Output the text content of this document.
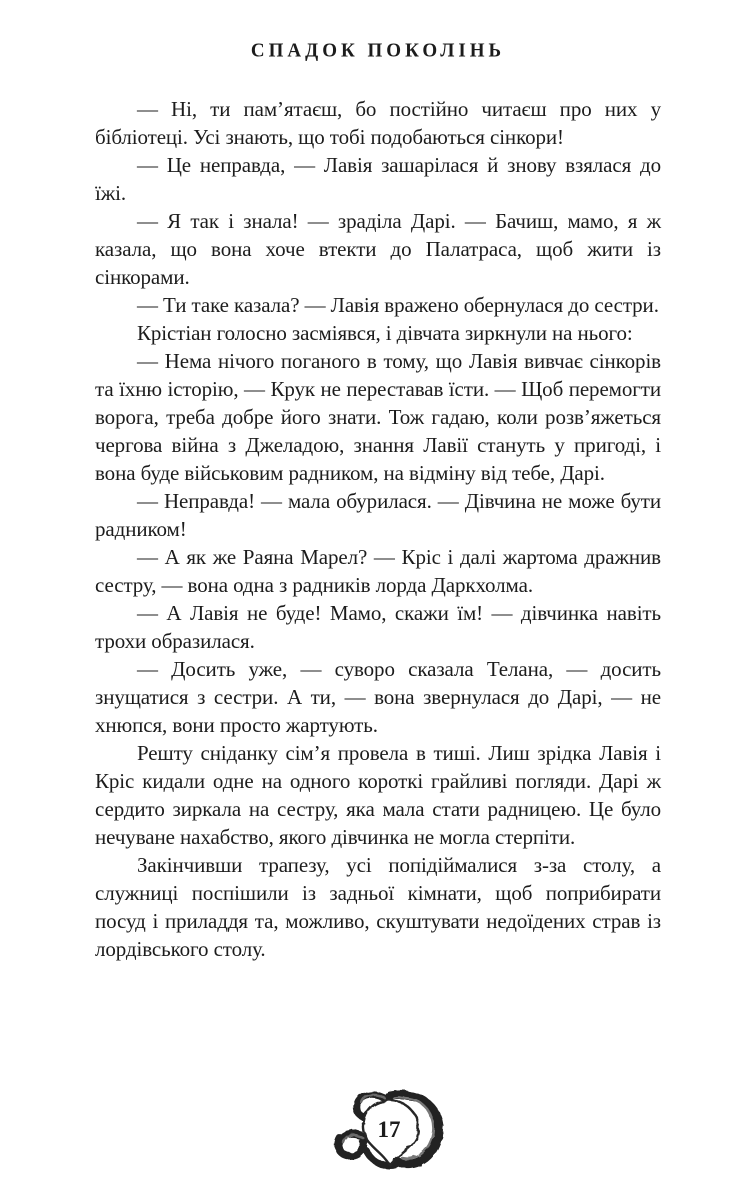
СПАДОК ПОКОЛІНЬ

— Ні, ти пам’ятаєш, бо постійно читаєш про них у бібліотеці. Усі знають, що тобі подобаються сінкори!

— Це неправда, — Лавія зашарілася й знову взялася до їжі.

— Я так і знала! — зраділа Дарі. — Бачиш, мамо, я ж казала, що вона хоче втекти до Палатраса, щоб жити із сінкорами.

— Ти таке казала? — Лавія вражено обернулася до сестри.

Крістіан голосно засміявся, і дівчата зиркнули на нього:

— Нема нічого поганого в тому, що Лавія вивчає сінкорів та їхню історію, — Крук не переставав їсти. — Щоб перемогти ворога, треба добре його знати. Тож гадаю, коли розв’яжеться чергова війна з Джеладою, знання Лавії стануть у пригоді, і вона буде військовим радником, на відміну від тебе, Дарі.

— Неправда! — мала обурилася. — Дівчина не може бути радником!

— А як же Раяна Марел? — Кріс і далі жартома дражнив сестру, — вона одна з радників лорда Даркхолма.

— А Лавія не буде! Мамо, скажи їм! — дівчинка навіть трохи образилася.

— Досить уже, — суворо сказала Телана, — досить знущатися з сестри. А ти, — вона звернулася до Дарі, — не хнюпся, вони просто жартують.

Решту сніданку сім’я провела в тиші. Лиш зрідка Лавія і Кріс кидали одне на одного короткі грайливі погляди. Дарі ж сердито зиркала на сестру, яка мала стати радницею. Це було нечуване нахабство, якого дівчинка не могла стерпіти.

Закінчивши трапезу, усі попідіймалися з-за столу, а служниці поспішили із задньої кімнати, щоб поприбирати посуд і приладдя та, можливо, скуштувати недоїдених страв із лордівського столу.

17
